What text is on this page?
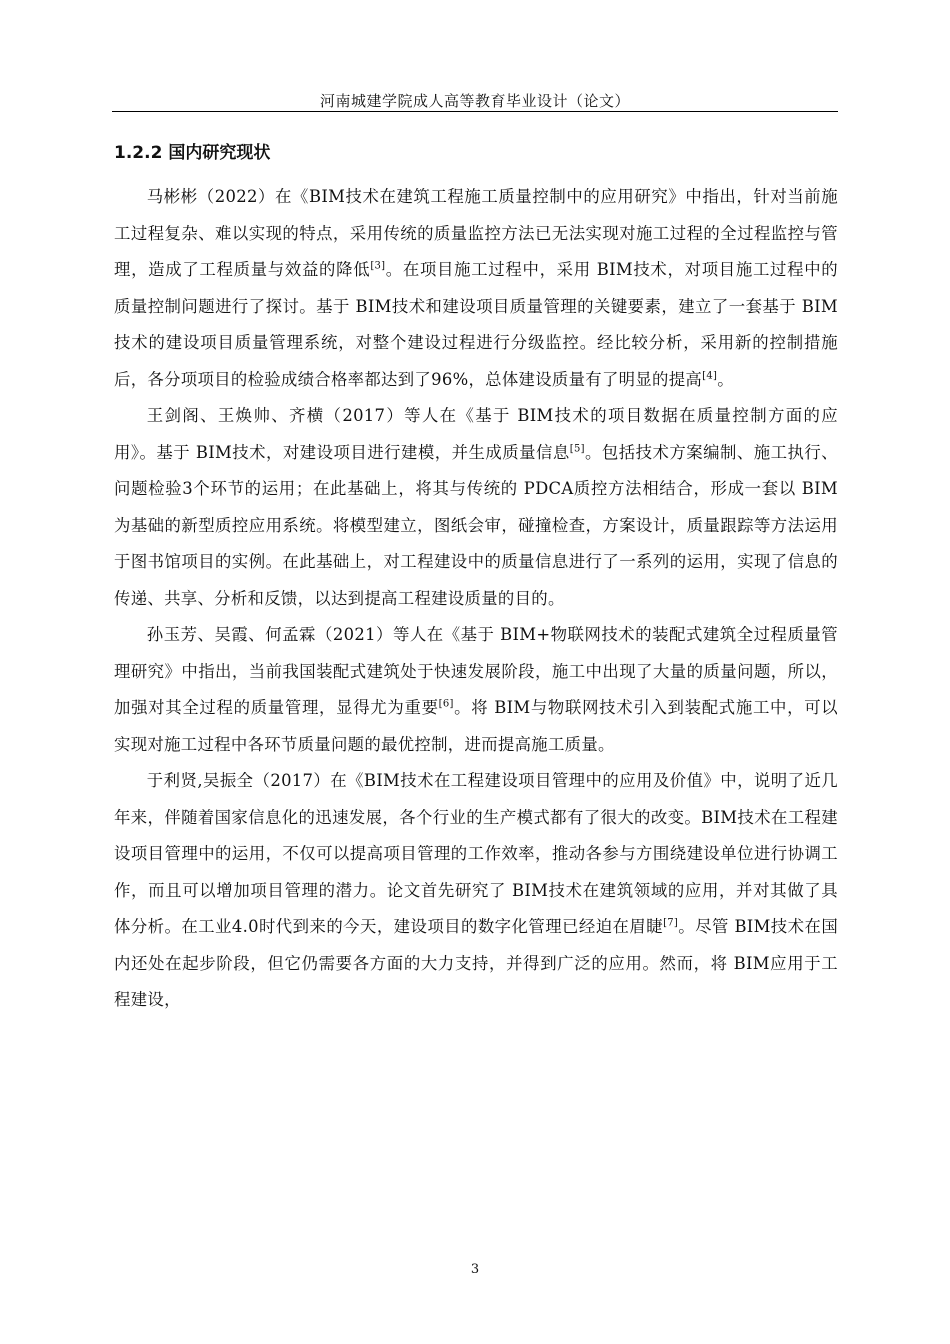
河南城建学院成人高等教育毕业设计（论文）
1.2.2 国内研究现状

马彬彬（2022）在《BIM技术在建筑工程施工质量控制中的应用研究》中指出，针对当前施工过程复杂、难以实现的特点，采用传统的质量监控方法已无法实现对施工过程的全过程监控与管理，造成了工程质量与效益的降低[3]。在项目施工过程中，采用 BIM技术，对项目施工过程中的质量控制问题进行了探讨。基于 BIM技术和建设项目质量管理的关键要素，建立了一套基于 BIM技术的建设项目质量管理系统，对整个建设过程进行分级监控。经比较分析，采用新的控制措施后，各分项项目的检验成绩合格率都达到了96%，总体建设质量有了明显的提高[4]。

王剑阁、王焕帅、齐横（2017）等人在《基于 BIM技术的项目数据在质量控制方面的应用》。基于 BIM技术，对建设项目进行建模，并生成质量信息[5]。包括技术方案编制、施工执行、问题检验3个环节的运用；在此基础上，将其与传统的 PDCA质控方法相结合，形成一套以 BIM为基础的新型质控应用系统。将模型建立，图纸会审，碰撞检查，方案设计，质量跟踪等方法运用于图书馆项目的实例。在此基础上，对工程建设中的质量信息进行了一系列的运用，实现了信息的传递、共享、分析和反馈，以达到提高工程建设质量的目的。

孙玉芳、吴霞、何孟霖（2021）等人在《基于 BIM+物联网技术的装配式建筑全过程质量管理研究》中指出，当前我国装配式建筑处于快速发展阶段，施工中出现了大量的质量问题，所以，加强对其全过程的质量管理，显得尤为重要[6]。将 BIM与物联网技术引入到装配式施工中，可以实现对施工过程中各环节质量问题的最优控制，进而提高施工质量。

于利贤,吴振全（2017）在《BIM技术在工程建设项目管理中的应用及价值》中，说明了近几年来，伴随着国家信息化的迅速发展，各个行业的生产模式都有了很大的改变。BIM技术在工程建设项目管理中的运用，不仅可以提高项目管理的工作效率，推动各参与方围绕建设单位进行协调工作，而且可以增加项目管理的潜力。论文首先研究了 BIM技术在建筑领域的应用，并对其做了具体分析。在工业4.0时代到来的今天，建设项目的数字化管理已经迫在眉睫[7]。尽管 BIM技术在国内还处在起步阶段，但它仍需要各方面的大力支持，并得到广泛的应用。然而，将 BIM应用于工程建设，

3
